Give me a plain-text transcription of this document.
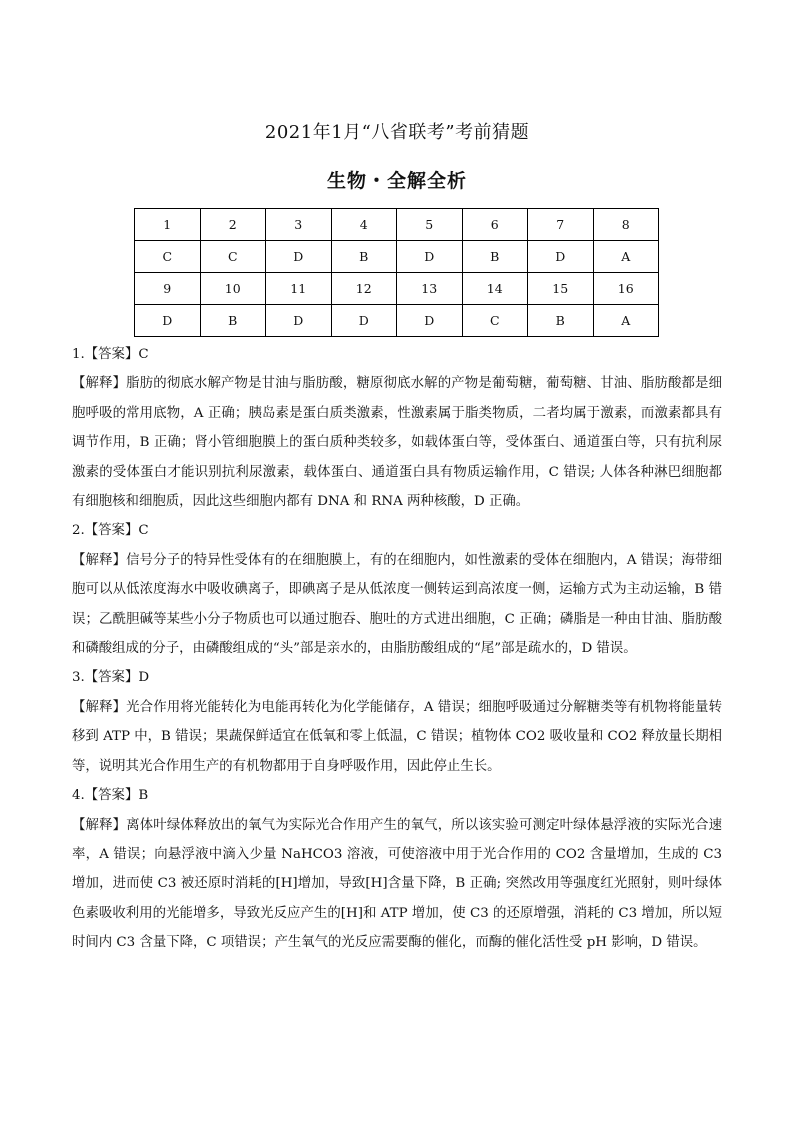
2021年1月“八省联考”考前猜题
生物・全解全析
1	2	3	4	5	6	7	8
C	C	D	B	D	B	D	A
9	10	11	12	13	14	15	16
D	B	D	D	D	C	B	A
1.【答案】C
【解释】脂肪的彻底水解产物是甘油与脂肪酸，糖原彻底水解的产物是葡萄糖，葡萄糖、甘油、脂肪酸都是细胞呼吸的常用底物，A 正确；胰岛素是蛋白质类激素，性激素属于脂类物质，二者均属于激素，而激素都具有调节作用，B 正确；肾小管细胞膜上的蛋白质种类较多，如载体蛋白等，受体蛋白、通道蛋白等，只有抗利尿激素的受体蛋白才能识别抗利尿激素，载体蛋白、通道蛋白具有物质运输作用，C 错误; 人体各种淋巴细胞都有细胞核和细胞质，因此这些细胞内都有 DNA 和 RNA 两种核酸，D 正确。
2.【答案】C
【解释】信号分子的特异性受体有的在细胞膜上，有的在细胞内，如性激素的受体在细胞内，A 错误；海带细胞可以从低浓度海水中吸收碘离子，即碘离子是从低浓度一侧转运到高浓度一侧，运输方式为主动运输，B 错误；乙酰胆碱等某些小分子物质也可以通过胞吞、胞吐的方式进出细胞，C 正确；磷脂是一种由甘油、脂肪酸和磷酸组成的分子，由磷酸组成的“头”部是亲水的，由脂肪酸组成的“尾”部是疏水的，D 错误。
3.【答案】D
【解释】光合作用将光能转化为电能再转化为化学能储存，A 错误；细胞呼吸通过分解糖类等有机物将能量转移到 ATP 中，B 错误；果蔬保鲜适宜在低氧和零上低温，C 错误；植物体 CO2 吸收量和 CO2 释放量长期相等，说明其光合作用生产的有机物都用于自身呼吸作用，因此停止生长。
4.【答案】B
【解释】离体叶绿体释放出的氧气为实际光合作用产生的氧气，所以该实验可测定叶绿体悬浮液的实际光合速率，A 错误；向悬浮液中滴入少量 NaHCO3 溶液，可使溶液中用于光合作用的 CO2 含量增加，生成的 C3 增加，进而使 C3 被还原时消耗的[H]增加，导致[H]含量下降，B 正确; 突然改用等强度红光照射，则叶绿体色素吸收利用的光能增多，导致光反应产生的[H]和 ATP 增加，使 C3 的还原增强，消耗的 C3 增加，所以短时间内 C3 含量下降，C 项错误；产生氧气的光反应需要酶的催化，而酶的催化活性受 pH 影响，D 错误。
